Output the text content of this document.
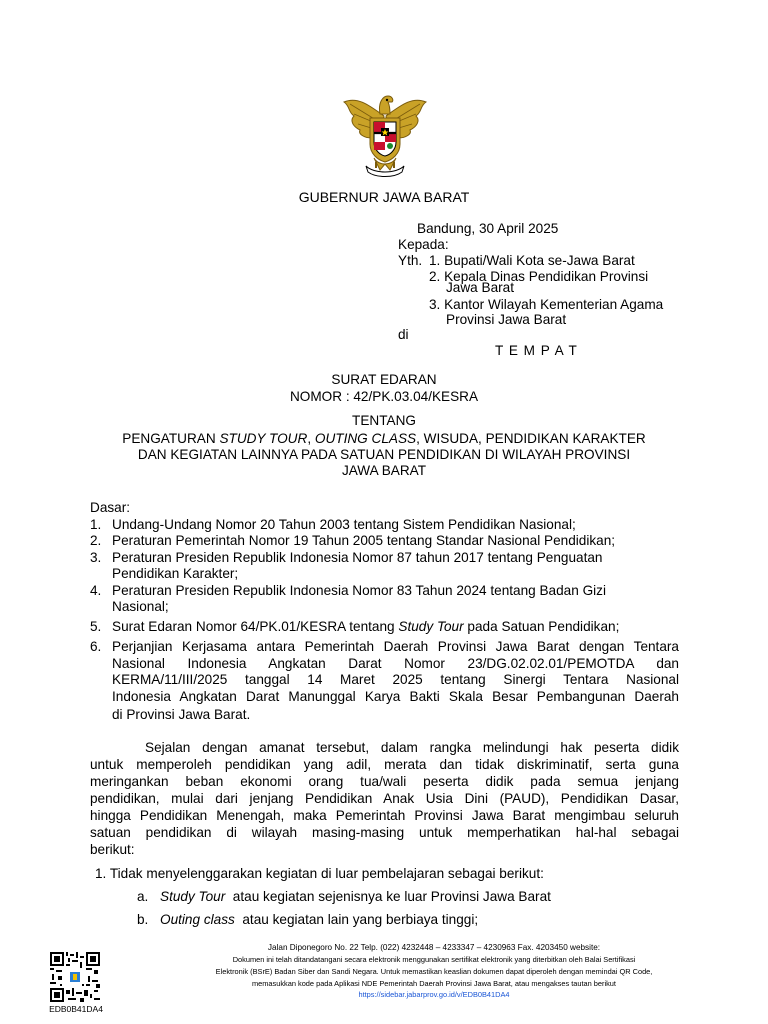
GUBERNUR JAWA BARAT
Bandung, 30 April 2025
Kepada:
Yth. 1. Bupati/Wali Kota se-Jawa Barat
2. Kepala Dinas Pendidikan Provinsi
Jawa Barat
3. Kantor Wilayah Kementerian Agama
Provinsi Jawa Barat
di
T E M P A T
SURAT EDARAN
NOMOR : 42/PK.03.04/KESRA
TENTANG
PENGATURAN STUDY TOUR, OUTING CLASS, WISUDA, PENDIDIKAN KARAKTER
DAN KEGIATAN LAINNYA PADA SATUAN PENDIDIKAN DI WILAYAH PROVINSI
JAWA BARAT
Dasar:
1. Undang-Undang Nomor 20 Tahun 2003 tentang Sistem Pendidikan Nasional;
2. Peraturan Pemerintah Nomor 19 Tahun 2005 tentang Standar Nasional Pendidikan;
3. Peraturan Presiden Republik Indonesia Nomor 87 tahun 2017 tentang Penguatan
Pendidikan Karakter;
4. Peraturan Presiden Republik Indonesia Nomor 83 Tahun 2024 tentang Badan Gizi
Nasional;
5. Surat Edaran Nomor 64/PK.01/KESRA tentang Study Tour pada Satuan Pendidikan;
6. Perjanjian Kerjasama antara Pemerintah Daerah Provinsi Jawa Barat dengan Tentara
Nasional Indonesia Angkatan Darat Nomor 23/DG.02.02.01/PEMOTDA dan
KERMA/11/III/2025 tanggal 14 Maret 2025 tentang Sinergi Tentara Nasional
Indonesia Angkatan Darat Manunggal Karya Bakti Skala Besar Pembangunan Daerah
di Provinsi Jawa Barat.
Sejalan dengan amanat tersebut, dalam rangka melindungi hak peserta didik
untuk memperoleh pendidikan yang adil, merata dan tidak diskriminatif, serta guna
meringankan beban ekonomi orang tua/wali peserta didik pada semua jenjang
pendidikan, mulai dari jenjang Pendidikan Anak Usia Dini (PAUD), Pendidikan Dasar,
hingga Pendidikan Menengah, maka Pemerintah Provinsi Jawa Barat mengimbau seluruh
satuan pendidikan di wilayah masing-masing untuk memperhatikan hal-hal sebagai
berikut:
1. Tidak menyelenggarakan kegiatan di luar pembelajaran sebagai berikut:
a. Study Tour  atau kegiatan sejenisnya ke luar Provinsi Jawa Barat
b. Outing class  atau kegiatan lain yang berbiaya tinggi;
Jalan Diponegoro No. 22 Telp. (022) 4232448 – 4233347 – 4230963 Fax. 4203450 website:
Dokumen ini telah ditandatangani secara elektronik menggunakan sertifikat elektronik yang diterbitkan oleh Balai Sertifikasi
Elektronik (BSrE) Badan Siber dan Sandi Negara. Untuk memastikan keaslian dokumen dapat diperoleh dengan memindai QR Code,
memasukkan kode pada Aplikasi NDE Pemerintah Daerah Provinsi Jawa Barat, atau mengakses tautan berikut
https://sidebar.jabarprov.go.id/v/EDB0B41DA4
EDB0B41DA4
